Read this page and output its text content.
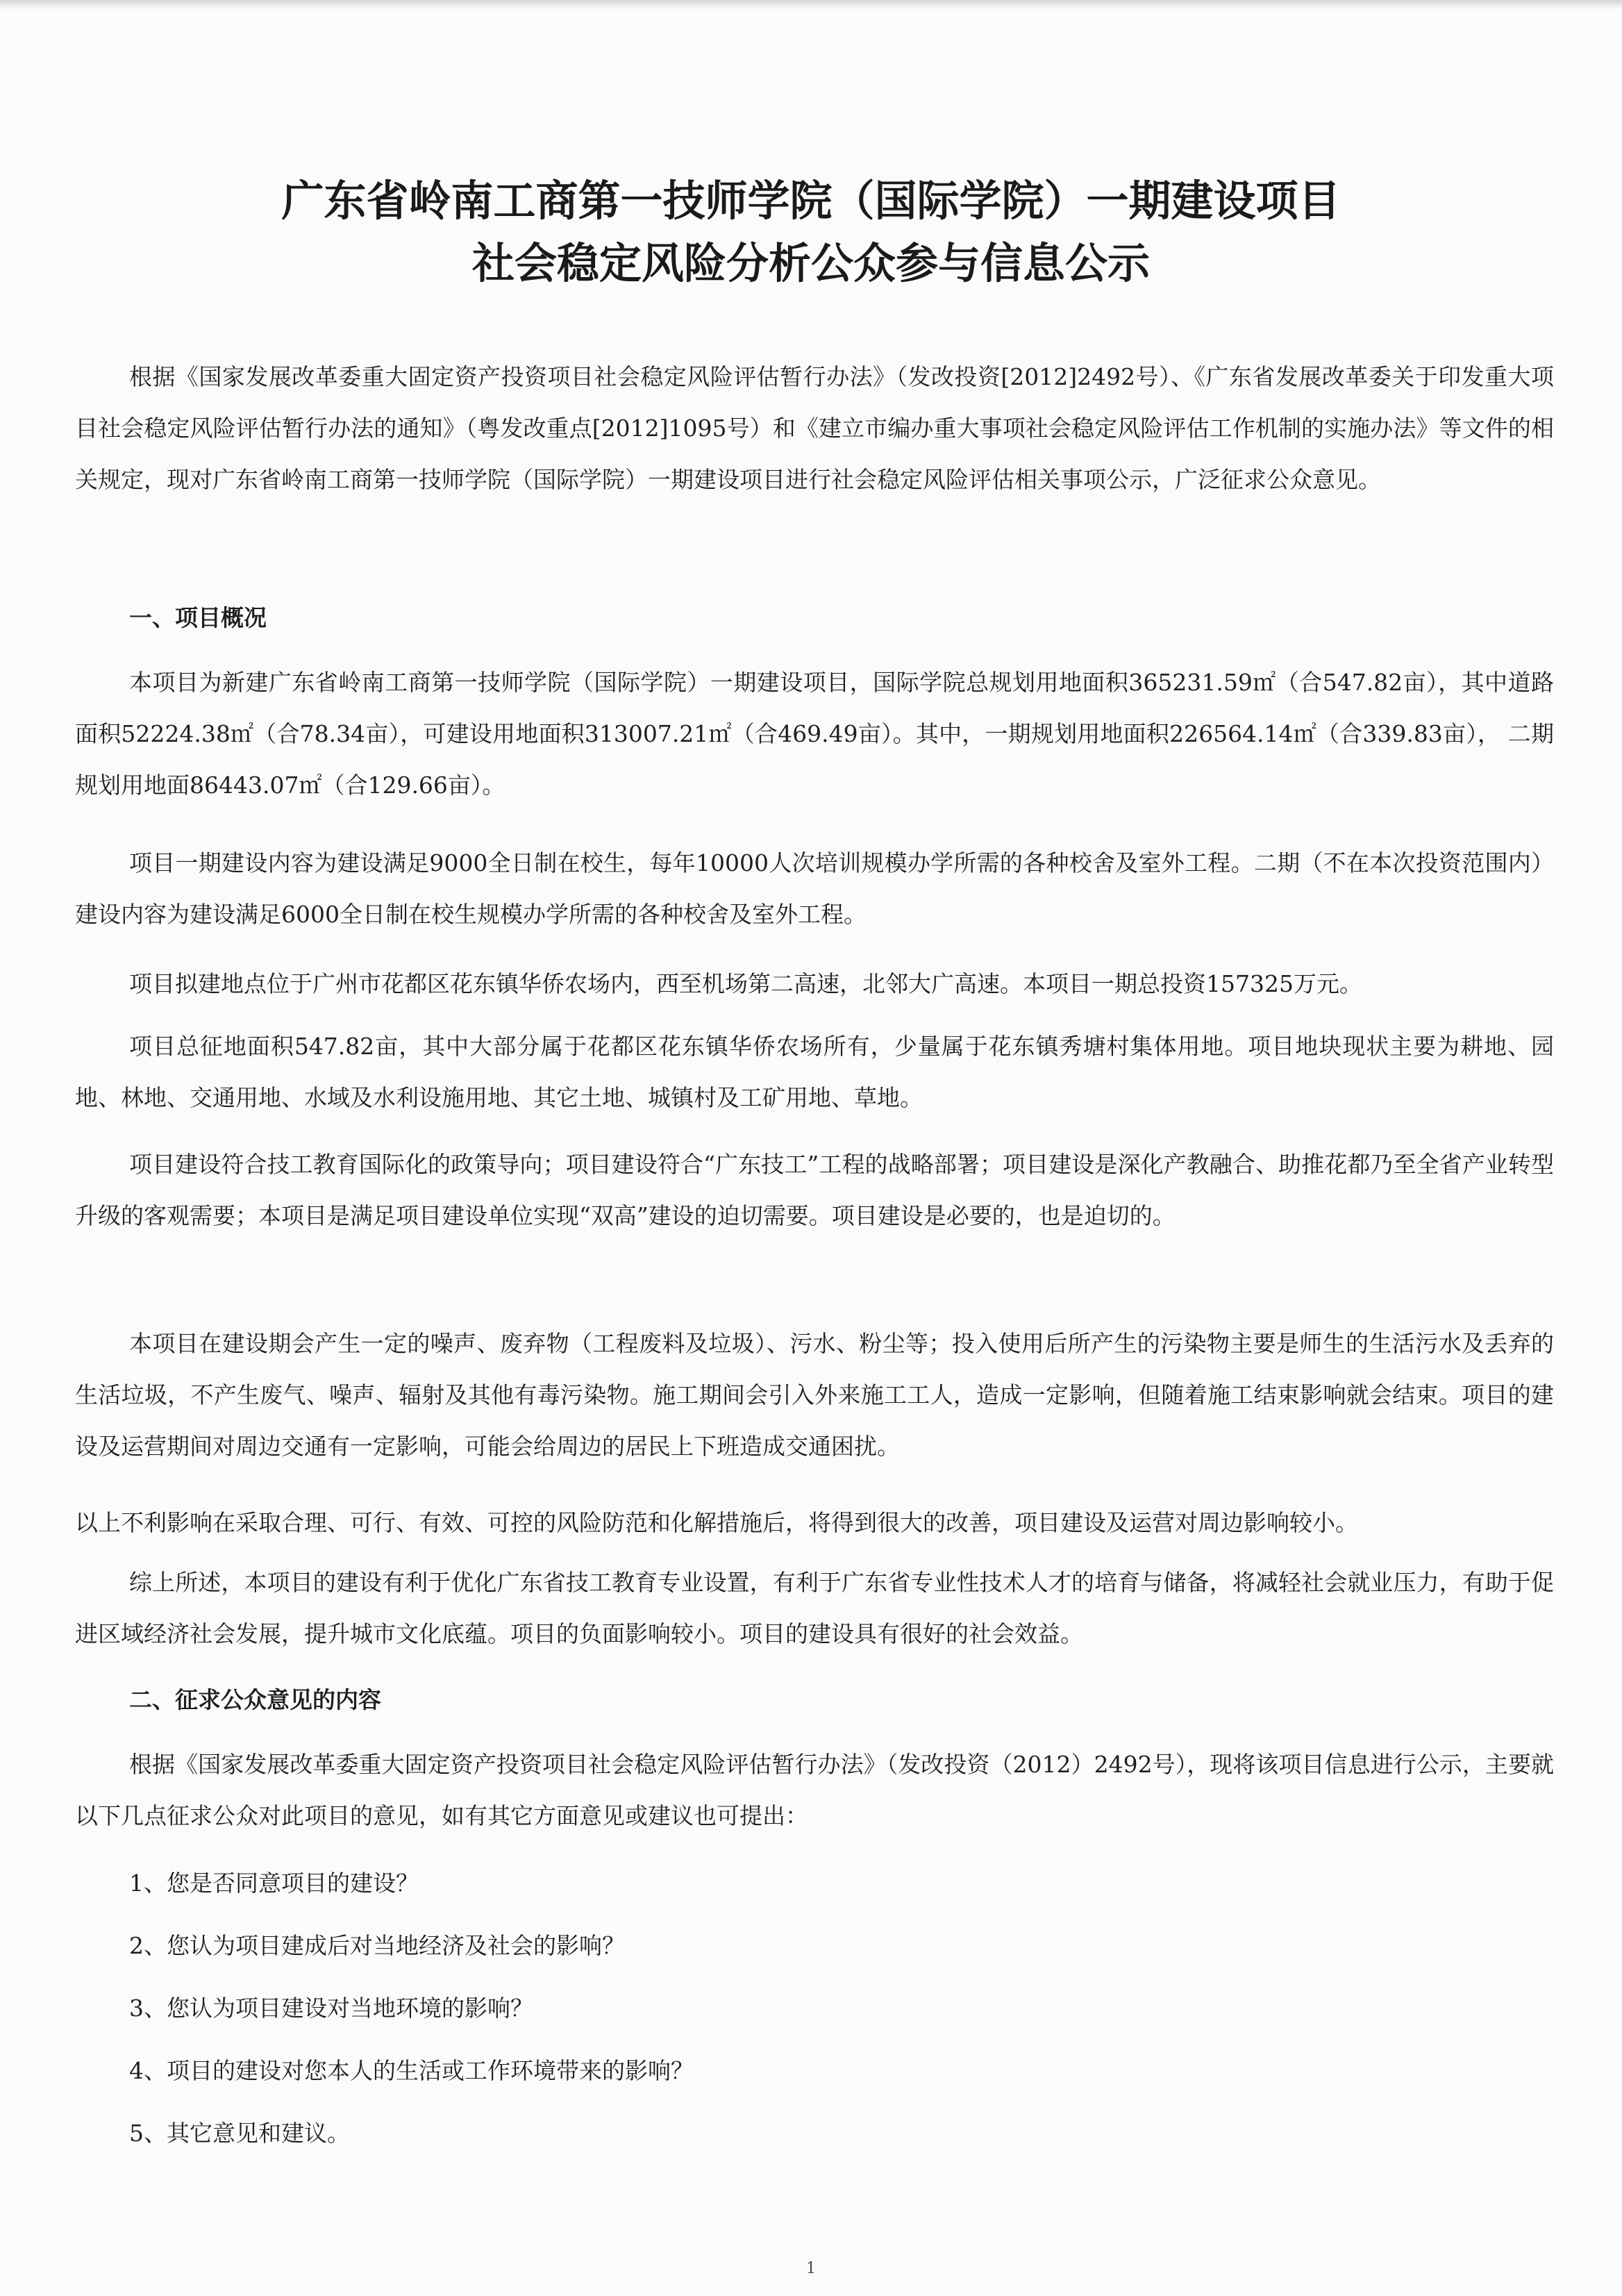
广东省岭南工商第一技师学院（国际学院）一期建设项目
社会稳定风险分析公众参与信息公示

根据《国家发展改革委重大固定资产投资项目社会稳定风险评估暂行办法》（发改投资[2012]2492号）、《广东省发展改革委关于印发重大项目社会稳定风险评估暂行办法的通知》（粤发改重点[2012]1095号）和《建立市编办重大事项社会稳定风险评估工作机制的实施办法》等文件的相关规定，现对广东省岭南工商第一技师学院（国际学院）一期建设项目进行社会稳定风险评估相关事项公示，广泛征求公众意见。

一、项目概况

本项目为新建广东省岭南工商第一技师学院（国际学院）一期建设项目，国际学院总规划用地面积365231.59㎡（合547.82亩），其中道路面积52224.38㎡（合78.34亩），可建设用地面积313007.21㎡（合469.49亩）。其中，一期规划用地面积226564.14㎡（合339.83亩）， 二期规划用地面86443.07㎡（合129.66亩）。

项目一期建设内容为建设满足9000全日制在校生，每年10000人次培训规模办学所需的各种校舍及室外工程。二期（不在本次投资范围内）建设内容为建设满足6000全日制在校生规模办学所需的各种校舍及室外工程。

项目拟建地点位于广州市花都区花东镇华侨农场内，西至机场第二高速，北邻大广高速。本项目一期总投资157325万元。

项目总征地面积547.82亩，其中大部分属于花都区花东镇华侨农场所有，少量属于花东镇秀塘村集体用地。项目地块现状主要为耕地、园地、林地、交通用地、水域及水利设施用地、其它土地、城镇村及工矿用地、草地。

项目建设符合技工教育国际化的政策导向；项目建设符合“广东技工”工程的战略部署；项目建设是深化产教融合、助推花都乃至全省产业转型升级的客观需要；本项目是满足项目建设单位实现“双高”建设的迫切需要。项目建设是必要的，也是迫切的。

本项目在建设期会产生一定的噪声、废弃物（工程废料及垃圾）、污水、粉尘等；投入使用后所产生的污染物主要是师生的生活污水及丢弃的生活垃圾，不产生废气、噪声、辐射及其他有毒污染物。施工期间会引入外来施工工人，造成一定影响，但随着施工结束影响就会结束。项目的建设及运营期间对周边交通有一定影响，可能会给周边的居民上下班造成交通困扰。

以上不利影响在采取合理、可行、有效、可控的风险防范和化解措施后，将得到很大的改善，项目建设及运营对周边影响较小。

综上所述，本项目的建设有利于优化广东省技工教育专业设置，有利于广东省专业性技术人才的培育与储备，将减轻社会就业压力，有助于促进区域经济社会发展，提升城市文化底蕴。项目的负面影响较小。项目的建设具有很好的社会效益。

二、征求公众意见的内容

根据《国家发展改革委重大固定资产投资项目社会稳定风险评估暂行办法》（发改投资（2012）2492号），现将该项目信息进行公示，主要就以下几点征求公众对此项目的意见，如有其它方面意见或建议也可提出：

1、您是否同意项目的建设？
2、您认为项目建成后对当地经济及社会的影响？
3、您认为项目建设对当地环境的影响？
4、项目的建设对您本人的生活或工作环境带来的影响？
5、其它意见和建议。
1
